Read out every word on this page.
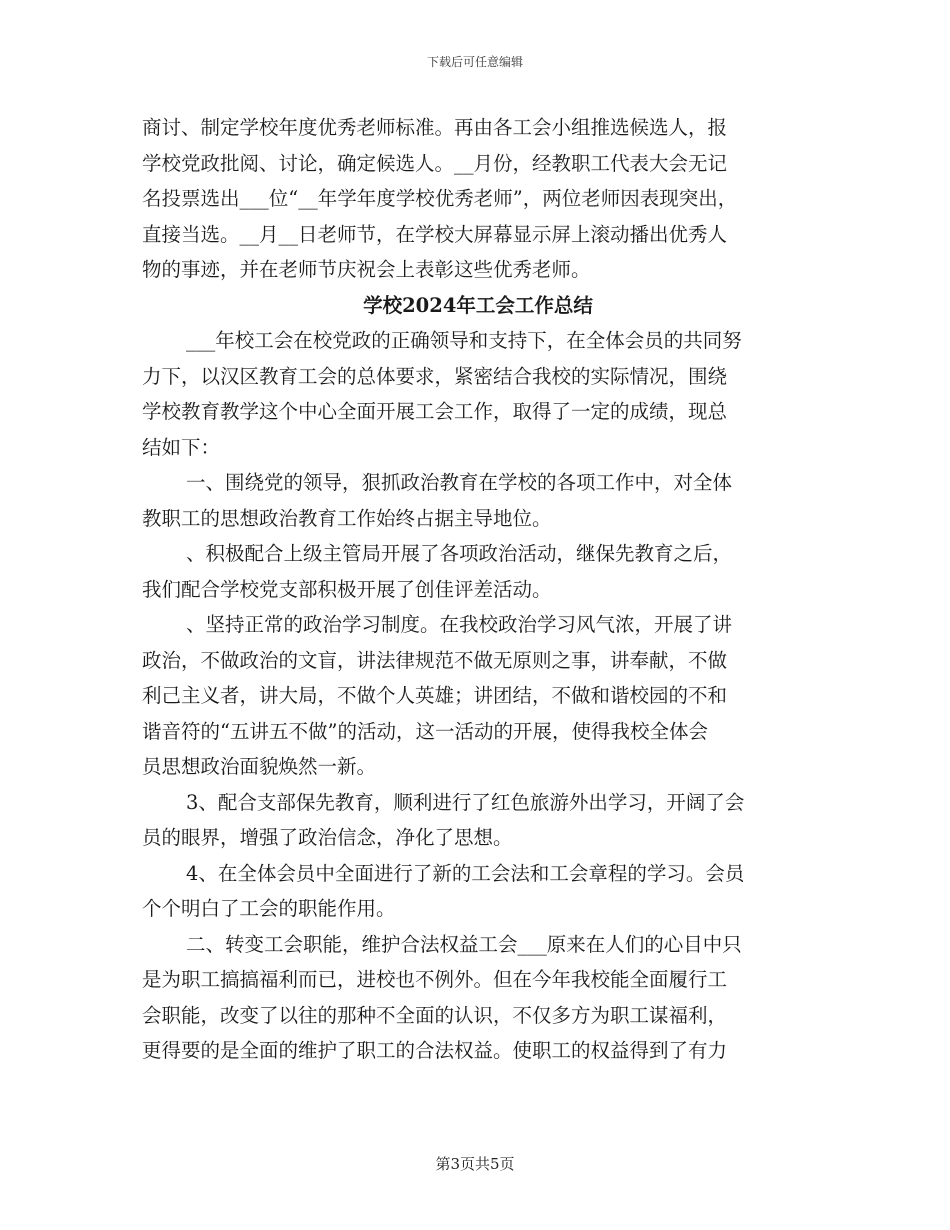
下载后可任意编辑

商讨、制定学校年度优秀老师标准。再由各工会小组推选候选人，报
学校党政批阅、讨论，确定候选人。__月份，经教职工代表大会无记
名投票选出___位“__年学年度学校优秀老师”，两位老师因表现突出，
直接当选。__月__日老师节，在学校大屏幕显示屏上滚动播出优秀人
物的事迹，并在老师节庆祝会上表彰这些优秀老师。

学校2024年工会工作总结

___年校工会在校党政的正确领导和支持下，在全体会员的共同努
力下，以汉区教育工会的总体要求，紧密结合我校的实际情况，围绕
学校教育教学这个中心全面开展工会工作，取得了一定的成绩，现总
结如下：

一、围绕党的领导，狠抓政治教育在学校的各项工作中，对全体
教职工的思想政治教育工作始终占据主导地位。

、积极配合上级主管局开展了各项政治活动，继保先教育之后，
我们配合学校党支部积极开展了创佳评差活动。

、坚持正常的政治学习制度。在我校政治学习风气浓，开展了讲
政治，不做政治的文盲，讲法律规范不做无原则之事，讲奉献，不做
利己主义者，讲大局，不做个人英雄；讲团结，不做和谐校园的不和
谐音符的“五讲五不做”的活动，这一活动的开展，使得我校全体会
员思想政治面貌焕然一新。

3、配合支部保先教育，顺利进行了红色旅游外出学习，开阔了会
员的眼界，增强了政治信念，净化了思想。

4、在全体会员中全面进行了新的工会法和工会章程的学习。会员
个个明白了工会的职能作用。

二、转变工会职能，维护合法权益工会___原来在人们的心目中只
是为职工搞搞福利而已，进校也不例外。但在今年我校能全面履行工
会职能，改变了以往的那种不全面的认识，不仅多方为职工谋福利，
更得要的是全面的维护了职工的合法权益。使职工的权益得到了有力

第3页共5页
